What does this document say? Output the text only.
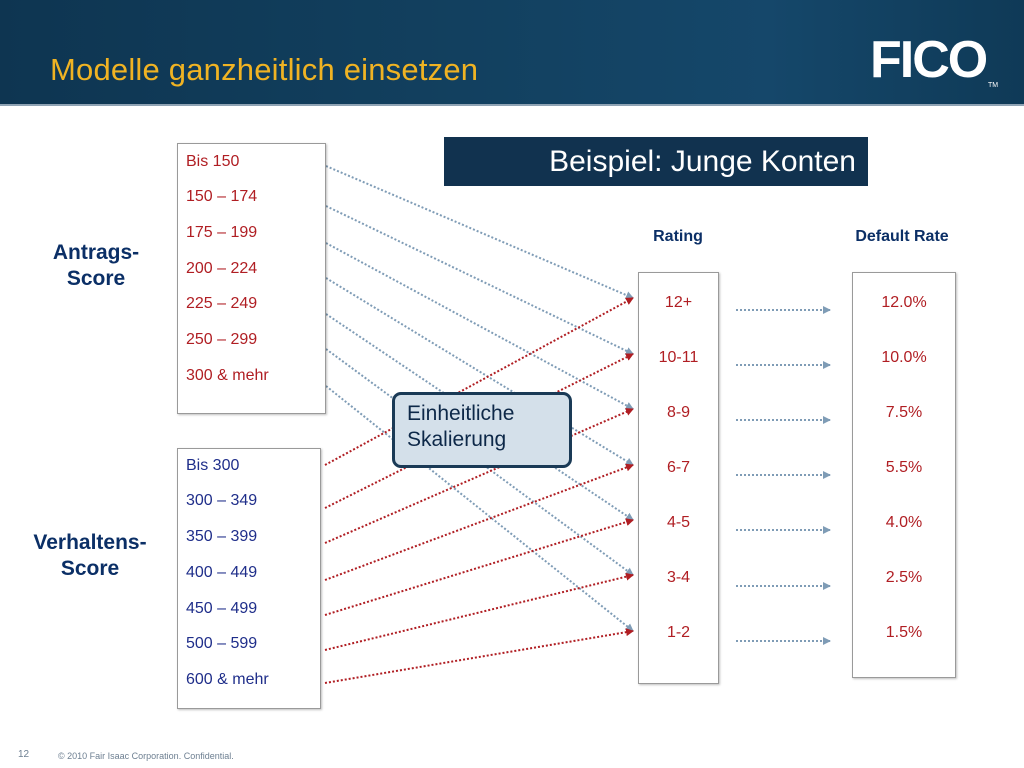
Modelle ganzheitlich einsetzen	FICO TM
Antrags-
Score
Bis 150
150 – 174
175 – 199
200 – 224
225 – 249
250 – 299
300 & mehr
Verhaltens-
Score
Bis 300
300 – 349
350 – 399
400 – 449
450 – 499
500 – 599
600 & mehr
Beispiel: Junge Konten
Rating	Default Rate
12+
10-11
8-9
6-7
4-5
3-4
1-2
12.0%
10.0%
7.5%
5.5%
4.0%
2.5%
1.5%
Einheitliche
Skalierung
12	© 2010 Fair Isaac Corporation. Confidential.
